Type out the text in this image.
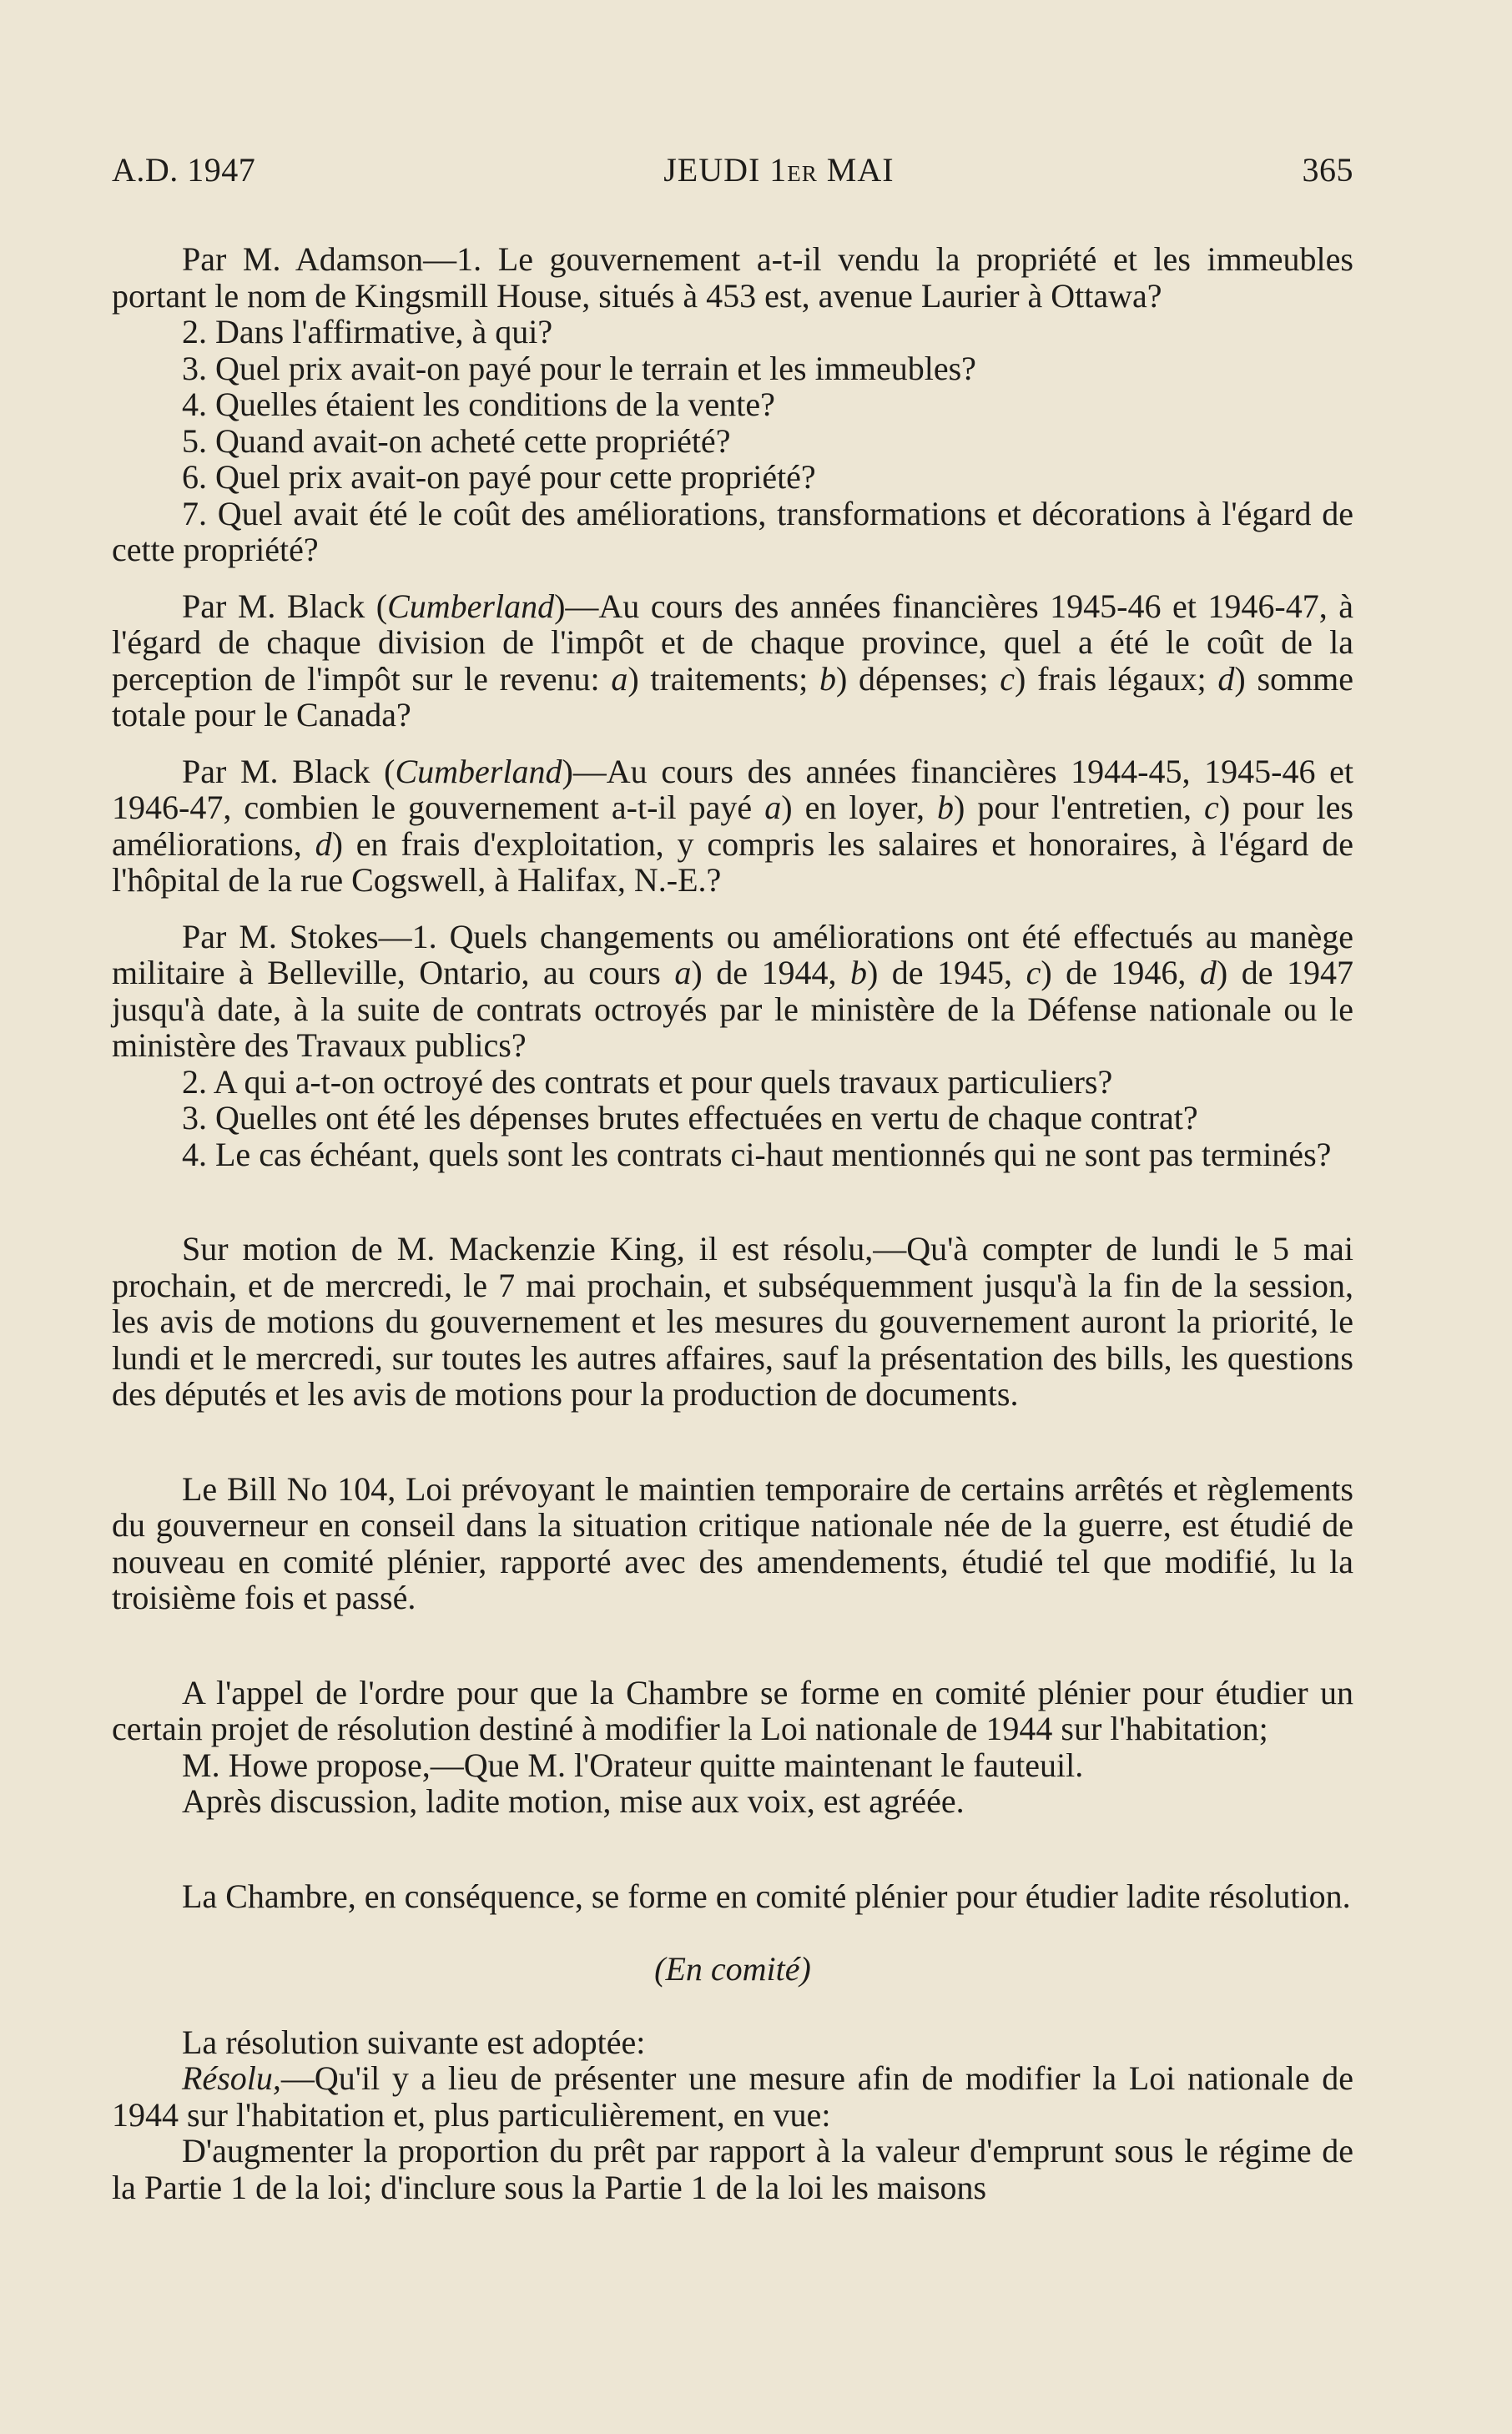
A.D. 1947	JEUDI 1ER MAI	365

Par M. Adamson—1. Le gouvernement a-t-il vendu la propriété et les immeubles portant le nom de Kingsmill House, situés à 453 est, avenue Laurier à Ottawa?

2. Dans l'affirmative, à qui?

3. Quel prix avait-on payé pour le terrain et les immeubles?

4. Quelles étaient les conditions de la vente?

5. Quand avait-on acheté cette propriété?

6. Quel prix avait-on payé pour cette propriété?

7. Quel avait été le coût des améliorations, transformations et décorations à l'égard de cette propriété?

Par M. Black (Cumberland)—Au cours des années financières 1945-46 et 1946-47, à l'égard de chaque division de l'impôt et de chaque province, quel a été le coût de la perception de l'impôt sur le revenu: a) traitements; b) dépenses; c) frais légaux; d) somme totale pour le Canada?

Par M. Black (Cumberland)—Au cours des années financières 1944-45, 1945-46 et 1946-47, combien le gouvernement a-t-il payé a) en loyer, b) pour l'entretien, c) pour les améliorations, d) en frais d'exploitation, y compris les salaires et honoraires, à l'égard de l'hôpital de la rue Cogswell, à Halifax, N.-E.?

Par M. Stokes—1. Quels changements ou améliorations ont été effectués au manège militaire à Belleville, Ontario, au cours a) de 1944, b) de 1945, c) de 1946, d) de 1947 jusqu'à date, à la suite de contrats octroyés par le ministère de la Défense nationale ou le ministère des Travaux publics?

2. A qui a-t-on octroyé des contrats et pour quels travaux particuliers?

3. Quelles ont été les dépenses brutes effectuées en vertu de chaque contrat?

4. Le cas échéant, quels sont les contrats ci-haut mentionnés qui ne sont pas terminés?

Sur motion de M. Mackenzie King, il est résolu,—Qu'à compter de lundi le 5 mai prochain, et de mercredi, le 7 mai prochain, et subséquemment jusqu'à la fin de la session, les avis de motions du gouvernement et les mesures du gouvernement auront la priorité, le lundi et le mercredi, sur toutes les autres affaires, sauf la présentation des bills, les questions des députés et les avis de motions pour la production de documents.

Le Bill No 104, Loi prévoyant le maintien temporaire de certains arrêtés et règlements du gouverneur en conseil dans la situation critique nationale née de la guerre, est étudié de nouveau en comité plénier, rapporté avec des amendements, étudié tel que modifié, lu la troisième fois et passé.

A l'appel de l'ordre pour que la Chambre se forme en comité plénier pour étudier un certain projet de résolution destiné à modifier la Loi nationale de 1944 sur l'habitation;

M. Howe propose,—Que M. l'Orateur quitte maintenant le fauteuil.

Après discussion, ladite motion, mise aux voix, est agréée.

La Chambre, en conséquence, se forme en comité plénier pour étudier ladite résolution.

(En comité)

La résolution suivante est adoptée:

Résolu,—Qu'il y a lieu de présenter une mesure afin de modifier la Loi nationale de 1944 sur l'habitation et, plus particulièrement, en vue:

D'augmenter la proportion du prêt par rapport à la valeur d'emprunt sous le régime de la Partie 1 de la loi; d'inclure sous la Partie 1 de la loi les maisons
